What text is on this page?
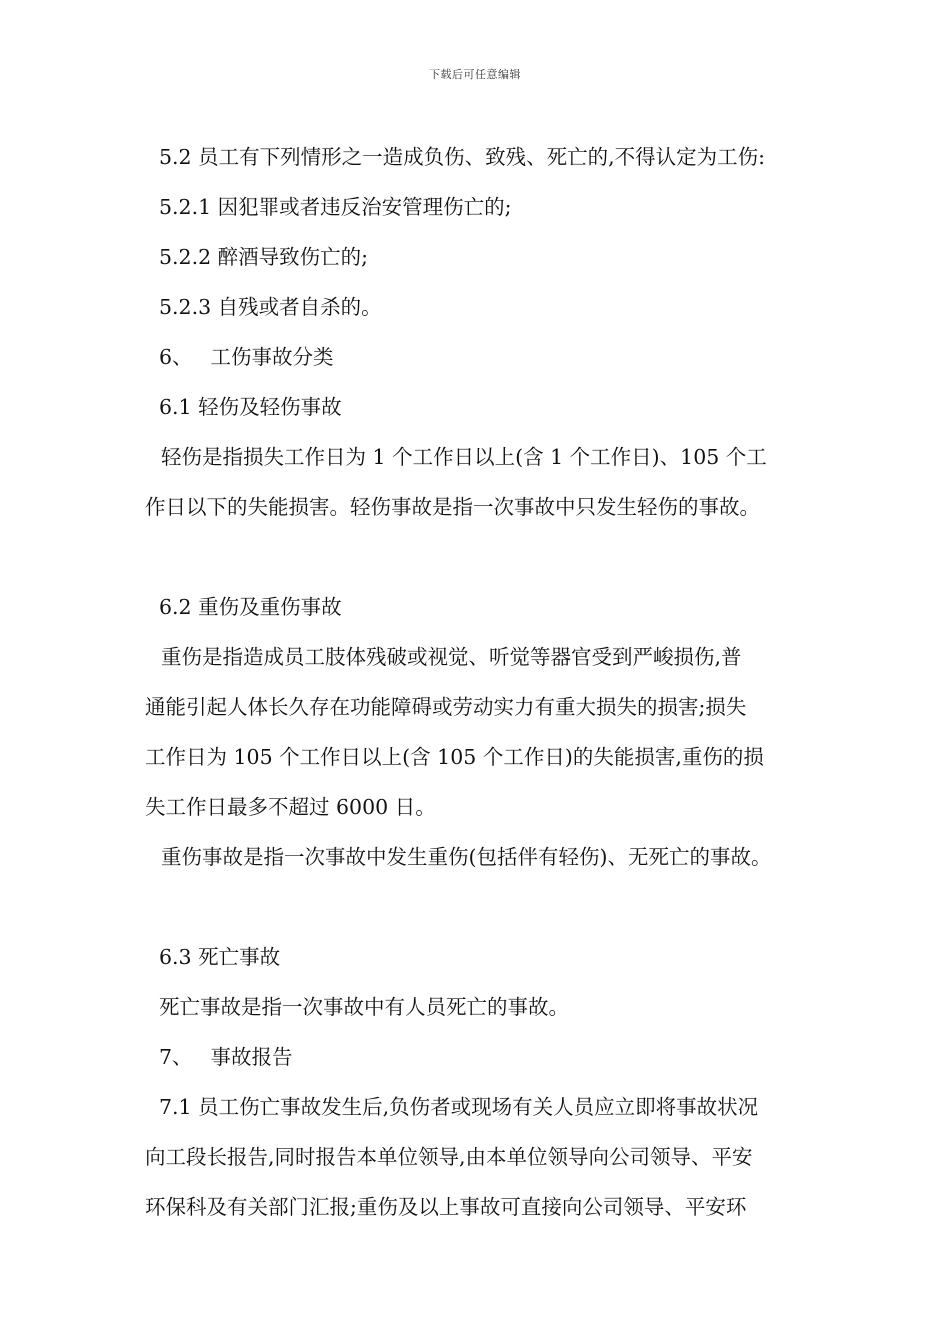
下载后可任意编辑
5.2 员工有下列情形之一造成负伤、致残、死亡的,不得认定为工伤:
5.2.1 因犯罪或者违反治安管理伤亡的;
5.2.2 醉酒导致伤亡的;
5.2.3 自残或者自杀的。
6、 工伤事故分类
6.1 轻伤及轻伤事故
轻伤是指损失工作日为 1 个工作日以上(含 1 个工作日)、105 个工
作日以下的失能损害。轻伤事故是指一次事故中只发生轻伤的事故。
6.2 重伤及重伤事故
重伤是指造成员工肢体残破或视觉、听觉等器官受到严峻损伤,普
通能引起人体长久存在功能障碍或劳动实力有重大损失的损害;损失
工作日为 105 个工作日以上(含 105 个工作日)的失能损害,重伤的损
失工作日最多不超过 6000 日。
重伤事故是指一次事故中发生重伤(包括伴有轻伤)、无死亡的事故。
6.3 死亡事故
死亡事故是指一次事故中有人员死亡的事故。
7、 事故报告
7.1 员工伤亡事故发生后,负伤者或现场有关人员应立即将事故状况
向工段长报告,同时报告本单位领导,由本单位领导向公司领导、平安
环保科及有关部门汇报;重伤及以上事故可直接向公司领导、平安环
